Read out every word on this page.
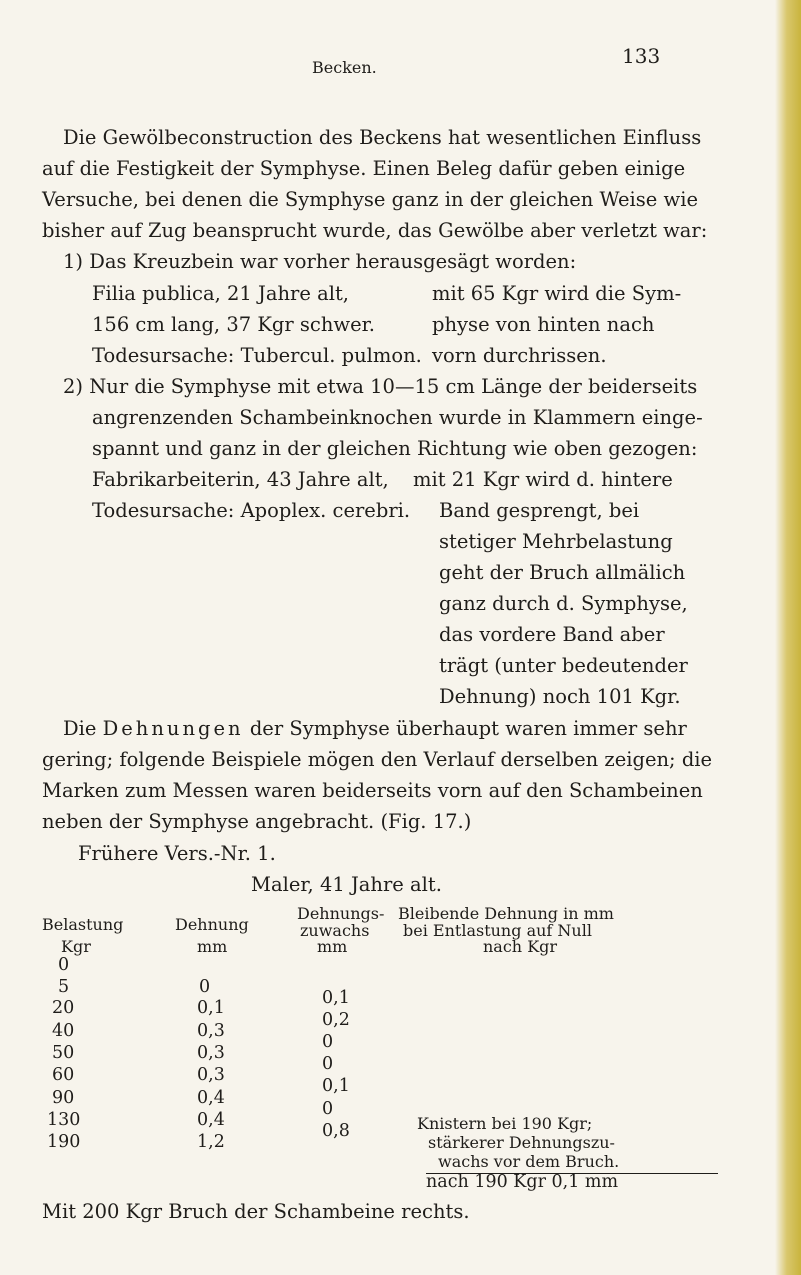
Becken.	133
Die Gewölbeconstruction des Beckens hat wesentlichen Einfluss
auf die Festigkeit der Symphyse. Einen Beleg dafür geben einige
Versuche, bei denen die Symphyse ganz in der gleichen Weise wie
bisher auf Zug beansprucht wurde, das Gewölbe aber verletzt war:
1) Das Kreuzbein war vorher herausgesägt worden:
Filia publica, 21 Jahre alt,
156 cm lang, 37 Kgr schwer.
Todesursache: Tubercul. pulmon.
mit 65 Kgr wird die Sym-
physe von hinten nach
vorn durchrissen.
2) Nur die Symphyse mit etwa 10—15 cm Länge der beiderseits
angrenzenden Schambeinknochen wurde in Klammern einge-
spannt und ganz in der gleichen Richtung wie oben gezogen:
Fabrikarbeiterin, 43 Jahre alt,
Todesursache: Apoplex. cerebri.
mit 21 Kgr wird d. hintere
Band gesprengt, bei
stetiger Mehrbelastung
geht der Bruch allmälich
ganz durch d. Symphyse,
das vordere Band aber
trägt (unter bedeutender
Dehnung) noch 101 Kgr.
Die Dehnungen der Symphyse überhaupt waren immer sehr
gering; folgende Beispiele mögen den Verlauf derselben zeigen; die
Marken zum Messen waren beiderseits vorn auf den Schambeinen
neben der Symphyse angebracht. (Fig. 17.)
Frühere Vers.-Nr. 1.
Maler, 41 Jahre alt.
Belastung
Kgr
Dehnung
mm
Dehnungs-
zuwachs
mm
Bleibende Dehnung in mm
bei Entlastung auf Null
nach Kgr
0
5
20
40
50
60
90
130
190
0
0,1
0,3
0,3
0,3
0,4
0,4
1,2
0,1
0,2
0
0
0,1
0
0,8	Knistern bei 190 Kgr;
stärkerer Dehnungszu-
wachs vor dem Bruch.
nach 190 Kgr 0,1 mm
Mit 200 Kgr Bruch der Schambeine rechts.
